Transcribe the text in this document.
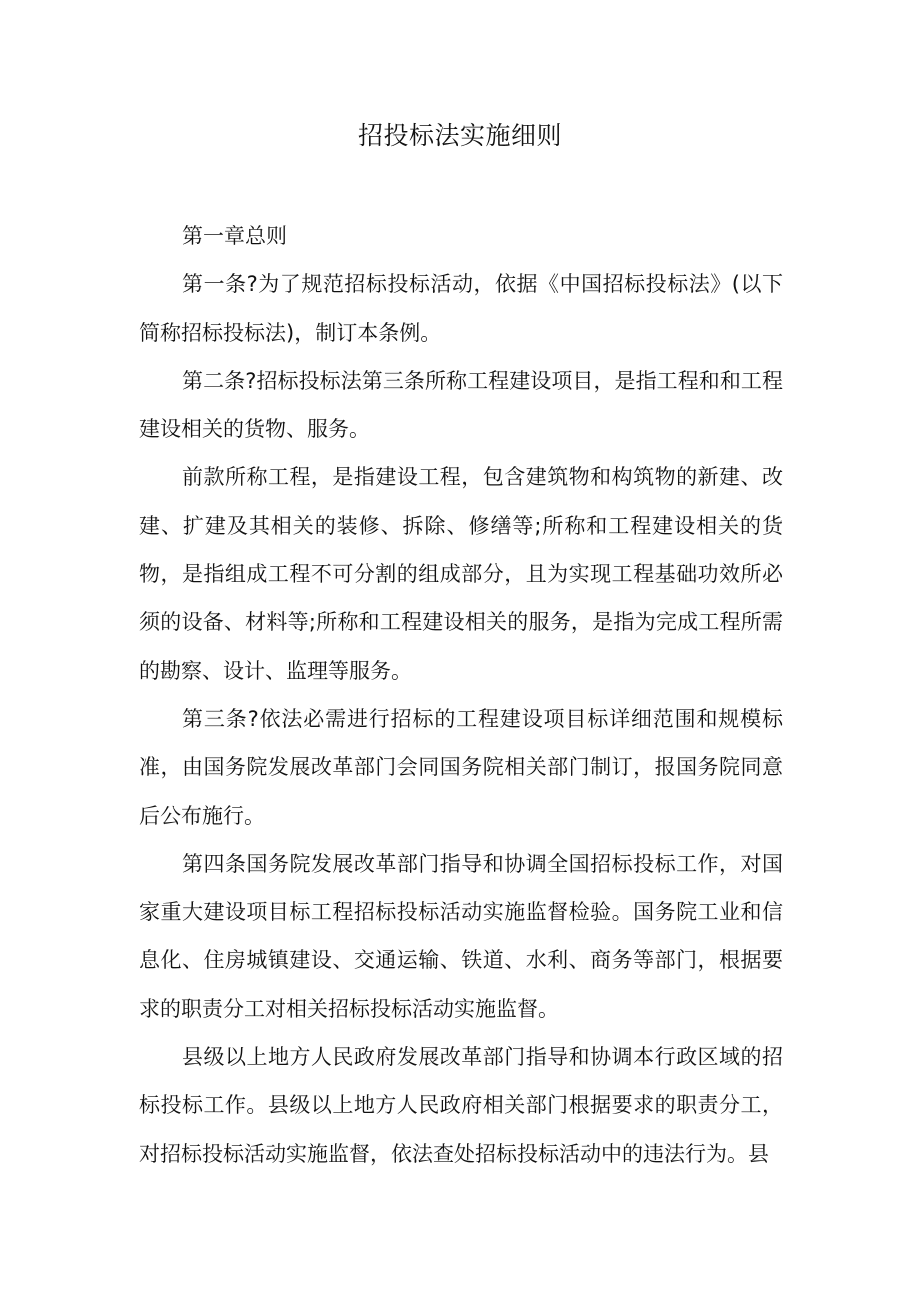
招投标法实施细则

第一章总则

第一条?为了规范招标投标活动，依据《中国招标投标法》(以下简称招标投标法)，制订本条例。

第二条?招标投标法第三条所称工程建设项目，是指工程和和工程建设相关的货物、服务。

前款所称工程，是指建设工程，包含建筑物和构筑物的新建、改建、扩建及其相关的装修、拆除、修缮等;所称和工程建设相关的货物，是指组成工程不可分割的组成部分，且为实现工程基础功效所必须的设备、材料等;所称和工程建设相关的服务，是指为完成工程所需的勘察、设计、监理等服务。

第三条?依法必需进行招标的工程建设项目标详细范围和规模标准，由国务院发展改革部门会同国务院相关部门制订，报国务院同意后公布施行。

第四条国务院发展改革部门指导和协调全国招标投标工作，对国家重大建设项目标工程招标投标活动实施监督检验。国务院工业和信息化、住房城镇建设、交通运输、铁道、水利、商务等部门，根据要求的职责分工对相关招标投标活动实施监督。

县级以上地方人民政府发展改革部门指导和协调本行政区域的招标投标工作。县级以上地方人民政府相关部门根据要求的职责分工，对招标投标活动实施监督，依法查处招标投标活动中的违法行为。县
